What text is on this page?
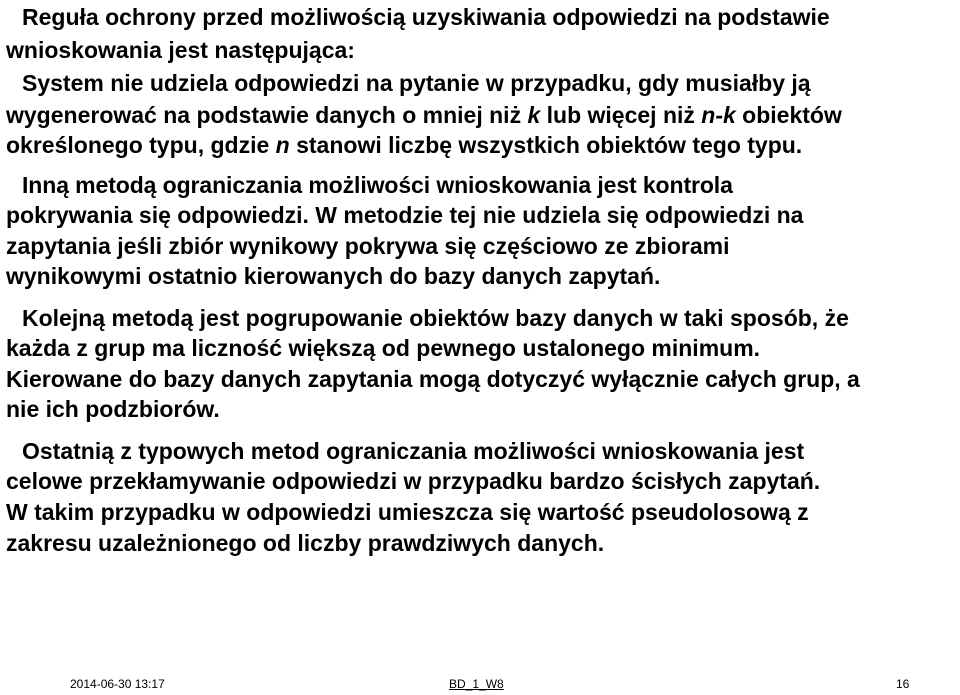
Reguła ochrony przed możliwością uzyskiwania odpowiedzi na podstawie
wnioskowania jest następująca:
System nie udziela odpowiedzi na pytanie w przypadku, gdy musiałby ją
wygenerować na podstawie danych o mniej niż k lub więcej niż n-k obiektów
określonego typu, gdzie n stanowi liczbę wszystkich obiektów tego typu.
Inną metodą ograniczania możliwości wnioskowania jest kontrola
pokrywania się odpowiedzi. W metodzie tej nie udziela się odpowiedzi na
zapytania jeśli zbiór wynikowy pokrywa się częściowo ze zbiorami
wynikowymi ostatnio kierowanych do bazy danych zapytań.
Kolejną metodą jest pogrupowanie obiektów bazy danych w taki sposób, że
każda z grup ma liczność większą od pewnego ustalonego minimum.
Kierowane do bazy danych zapytania mogą dotyczyć wyłącznie całych grup, a
nie ich podzbiorów.
Ostatnią z typowych metod ograniczania możliwości wnioskowania jest
celowe przekłamywanie odpowiedzi w przypadku bardzo ścisłych zapytań.
W takim przypadku w odpowiedzi umieszcza się wartość pseudolosową z
zakresu uzależnionego od liczby prawdziwych danych.
2014-06-30 13:17	BD_1_W8	16
